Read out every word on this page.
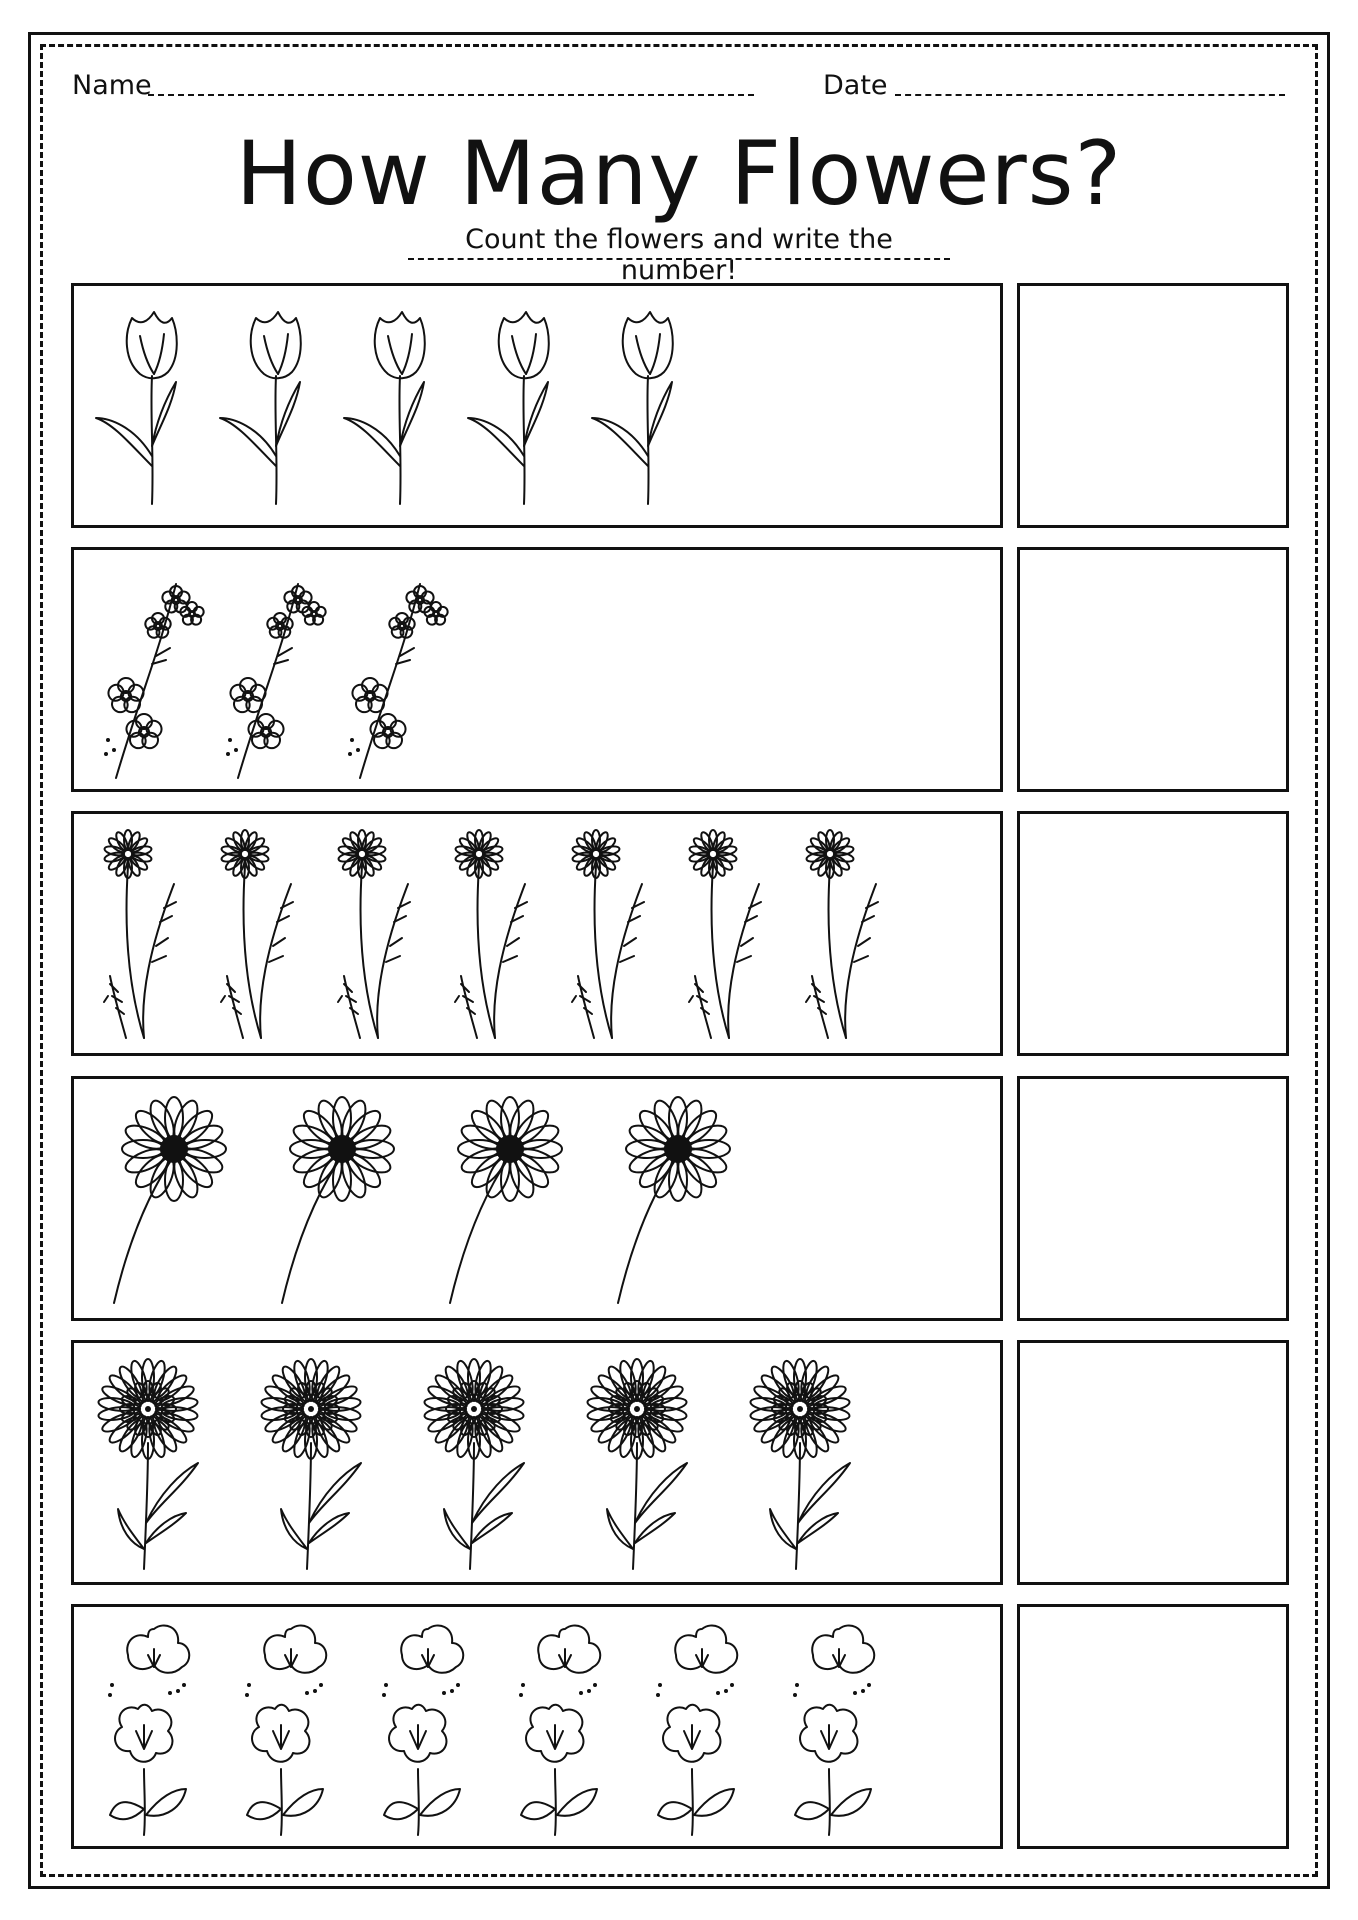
Name	Date
How Many Flowers?
Count the flowers and write the number!
